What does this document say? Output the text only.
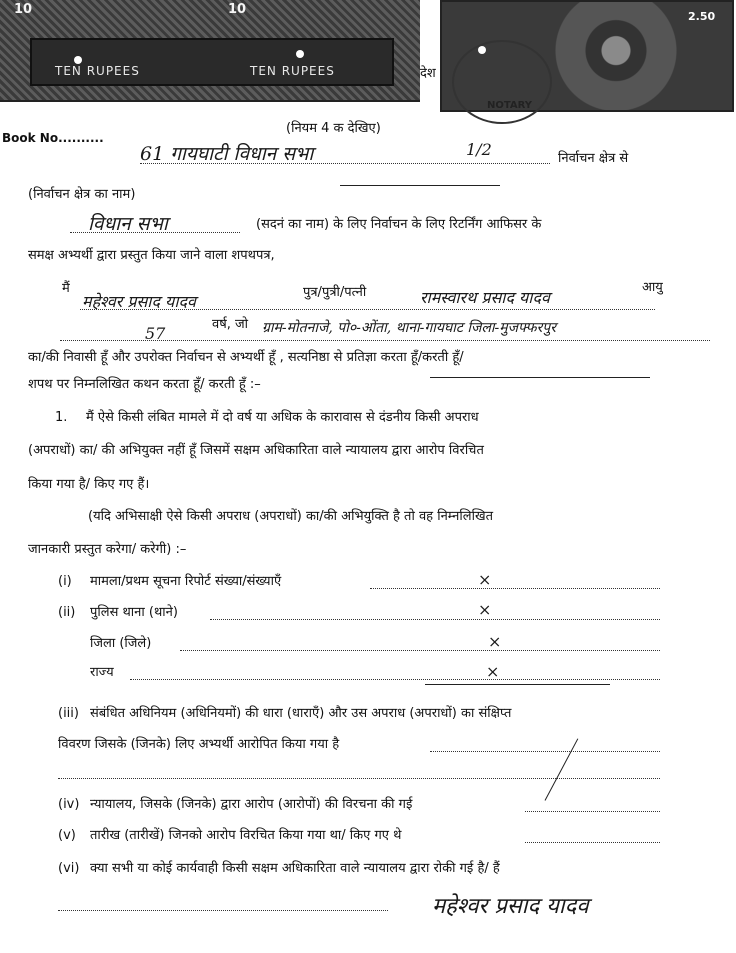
10	10
TEN RUPEES	TEN RUPEES	देश
2.50
NOTARY
Book No..........
(नियम 4 क देखिए)
61 गायघाटी विधान सभा	1/2	निर्वाचन क्षेत्र से
(निर्वाचन क्षेत्र का नाम)
विधान सभा	(सदनं का नाम) के लिए निर्वाचन के लिए रिटर्निंग आफिसर के
समक्ष अभ्यर्थी द्वारा प्रस्तुत किया जाने वाला शपथपत्र,
मैं
महेश्वर प्रसाद यादव	पुत्र/पुत्री/पत्नी	रामस्वारथ प्रसाद यादव
आयु
57	वर्ष, जो ग्राम-मोतनाजे, पो०-ओंता, थाना-गायघाट जिला-मुजफ्फरपुर
का/की निवासी हूँ और उपरोक्त निर्वाचन से अभ्यर्थी हूँ , सत्यनिष्ठा से प्रतिज्ञा करता हूँ/करती हूँ/
शपथ पर निम्नलिखित कथन करता हूँ/ करती हूँ :–
1. मैं ऐसे किसी लंबित मामले में दो वर्ष या अधिक के कारावास से दंडनीय किसी अपराध
(अपराधों) का/ की अभियुक्त नहीं हूँ जिसमें सक्षम अधिकारिता वाले न्यायालय द्वारा आरोप विरचित
किया गया है/ किए गए हैं।
(यदि अभिसाक्षी ऐसे किसी अपराध (अपराधों) का/की अभियुक्ति है तो वह निम्नलिखित
जानकारी प्रस्तुत करेगा/ करेगी) :–
(i) मामला/प्रथम सूचना रिपोर्ट संख्या/संख्याएँ	×
(ii) पुलिस थाना (थाने)	×
जिला (जिले)	×
राज्य	×
(iii) संबंधित अधिनियम (अधिनियमों) की धारा (धाराएँ) और उस अपराध (अपराधों) का संक्षिप्त
विवरण जिसके (जिनके) लिए अभ्यर्थी आरोपित किया गया है
(iv) न्यायालय, जिसके (जिनके) द्वारा आरोप (आरोपों) की विरचना की गई
(v) तारीख (तारीखें) जिनको आरोप विरचित किया गया था/ किए गए थे
(vi) क्या सभी या कोई कार्यवाही किसी सक्षम अधिकारिता वाले न्यायालय द्वारा रोकी गई है/ हैं
महेश्वर प्रसाद यादव
